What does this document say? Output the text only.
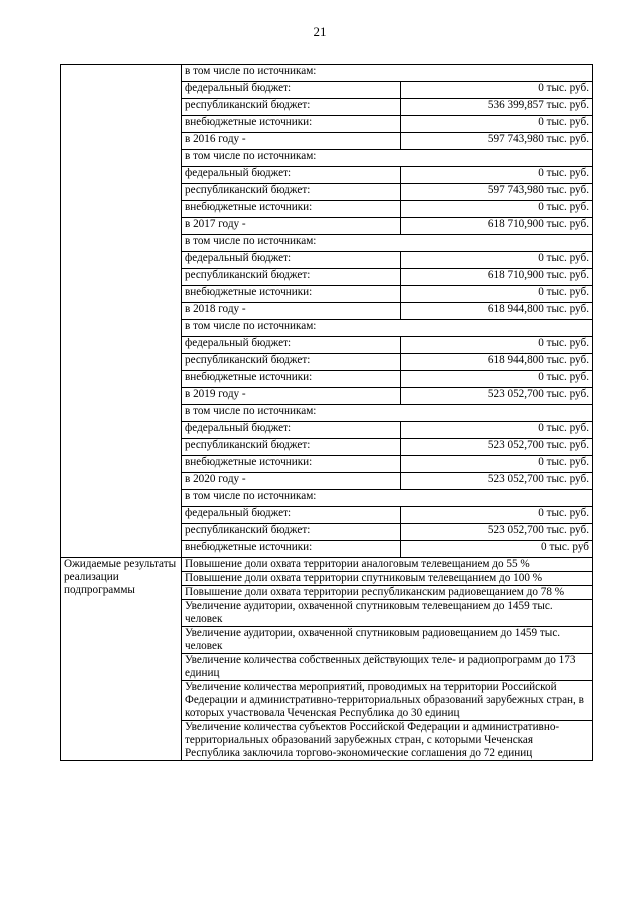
21
	в том числе по источникам:	
	федеральный бюджет:	0 тыс. руб.
	республиканский бюджет:	536 399,857 тыс. руб.
	внебюджетные источники:	0 тыс. руб.
	в 2016 году -	597 743,980 тыс. руб.
	в том числе по источникам:	
	федеральный бюджет:	0 тыс. руб.
	республиканский бюджет:	597 743,980 тыс. руб.
	внебюджетные источники:	0 тыс. руб.
	в 2017 году -	618 710,900 тыс. руб.
	в том числе по источникам:	
	федеральный бюджет:	0 тыс. руб.
	республиканский бюджет:	618 710,900 тыс. руб.
	внебюджетные источники:	0 тыс. руб.
	в 2018 году -	618 944,800 тыс. руб.
	в том числе по источникам:	
	федеральный бюджет:	0 тыс. руб.
	республиканский бюджет:	618 944,800 тыс. руб.
	внебюджетные источники:	0 тыс. руб.
	в 2019 году -	523 052,700 тыс. руб.
	в том числе по источникам:	
	федеральный бюджет:	0 тыс. руб.
	республиканский бюджет:	523 052,700 тыс. руб.
	внебюджетные источники:	0 тыс. руб.
	в 2020 году -	523 052,700 тыс. руб.
	в том числе по источникам:	
	федеральный бюджет:	0 тыс. руб.
	республиканский бюджет:	523 052,700 тыс. руб.
	внебюджетные источники:	0 тыс. руб
Ожидаемые результаты реализации подпрограммы	Повышение доли охвата территории аналоговым телевещанием до 55 %	
	Повышение доли охвата территории спутниковым телевещанием до 100 %	
	Повышение доли охвата территории республиканским радиовещанием до 78 %	
	Увеличение аудитории, охваченной спутниковым телевещанием до 1459 тыс. человек	
	Увеличение аудитории, охваченной спутниковым радиовещанием до 1459 тыс. человек	
	Увеличение количества собственных действующих теле- и радиопрограмм до 173 единиц	
	Увеличение количества мероприятий, проводимых на территории Российской Федерации и административно-территориальных образований зарубежных стран, в которых участвовала Чеченская Республика до 30 единиц	
	Увеличение количества субъектов Российской Федерации и административно-территориальных образований зарубежных стран, с которыми Чеченская Республика заключила торгово-экономические соглашения до 72 единиц	
